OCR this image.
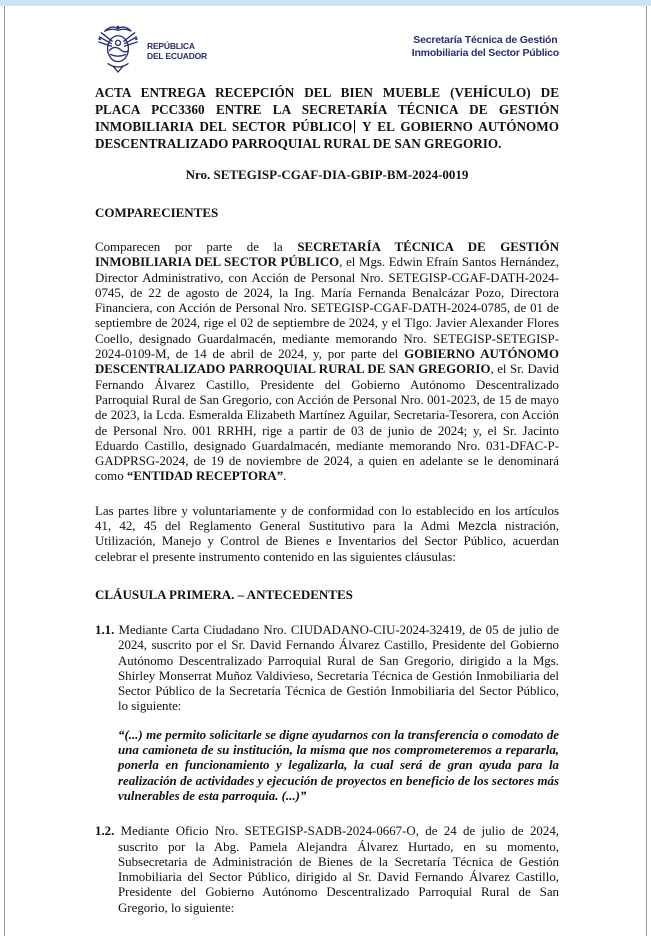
REPÚBLICA
DEL ECUADOR
Secretaría Técnica de Gestión
Inmobiliaria del Sector Público
ACTA ENTREGA RECEPCIÓN DEL BIEN MUEBLE (VEHÍCULO) DE PLACA PCC3360 ENTRE LA SECRETARÍA TÉCNICA DE GESTIÓN INMOBILIARIA DEL SECTOR PÚBLICO Y EL GOBIERNO AUTÓNOMO DESCENTRALIZADO PARROQUIAL RURAL DE SAN GREGORIO.

Nro. SETEGISP-CGAF-DIA-GBIP-BM-2024-0019

COMPARECIENTES

Comparecen por parte de la SECRETARÍA TÉCNICA DE GESTIÓN INMOBILIARIA DEL SECTOR PÚBLICO, el Mgs. Edwin Efraín Santos Hernández, Director Administrativo, con Acción de Personal Nro. SETEGISP-CGAF-DATH-2024-0745, de 22 de agosto de 2024, la Ing. María Fernanda Benalcázar Pozo, Directora Financiera, con Acción de Personal Nro. SETEGISP-CGAF-DATH-2024-0785, de 01 de septiembre de 2024, rige el 02 de septiembre de 2024, y el Tlgo. Javier Alexander Flores Coello, designado Guardalmacén, mediante memorando Nro. SETEGISP-SETEGISP-2024-0109-M, de 14 de abril de 2024, y, por parte del GOBIERNO AUTÓNOMO DESCENTRALIZADO PARROQUIAL RURAL DE SAN GREGORIO, el Sr. David Fernando Álvarez Castillo, Presidente del Gobierno Autónomo Descentralizado Parroquial Rural de San Gregorio, con Acción de Personal Nro. 001-2023, de 15 de mayo de 2023, la Lcda. Esmeralda Elizabeth Martínez Aguilar, Secretaria-Tesorera, con Acción de Personal Nro. 001 RRHH, rige a partir de 03 de junio de 2024; y, el Sr. Jacinto Eduardo Castillo, designado Guardalmacén, mediante memorando Nro. 031-DFAC-P-GADPRSG-2024, de 19 de noviembre de 2024, a quien en adelante se le denominará como “ENTIDAD RECEPTORA”.

Las partes libre y voluntariamente y de conformidad con lo establecido en los artículos 41, 42, 45 del Reglamento General Sustitutivo para la Admi Mezcla nistración, Utilización, Manejo y Control de Bienes e Inventarios del Sector Público, acuerdan celebrar el presente instrumento contenido en las siguientes cláusulas:

CLÁUSULA PRIMERA. – ANTECEDENTES

1.1. Mediante Carta Ciudadano Nro. CIUDADANO-CIU-2024-32419, de 05 de julio de 2024, suscrito por el Sr. David Fernando Álvarez Castillo, Presidente del Gobierno Autónomo Descentralizado Parroquial Rural de San Gregorio, dirigido a la Mgs. Shirley Monserrat Muñoz Valdivieso, Secretaria Técnica de Gestión Inmobiliaria del Sector Público de la Secretaría Técnica de Gestión Inmobiliaria del Sector Público, lo siguiente:

“(...) me permito solicitarle se digne ayudarnos con la transferencia o comodato de una camioneta de su institución, la misma que nos comprometeremos a repararla, ponerla en funcionamiento y legalizarla, la cual será de gran ayuda para la realización de actividades y ejecución de proyectos en beneficio de los sectores más vulnerables de esta parroquia. (...)”

1.2. Mediante Oficio Nro. SETEGISP-SADB-2024-0667-O, de 24 de julio de 2024, suscrito por la Abg. Pamela Alejandra Álvarez Hurtado, en su momento, Subsecretaria de Administración de Bienes de la Secretaría Técnica de Gestión Inmobiliaria del Sector Público, dirigido al Sr. David Fernando Álvarez Castillo, Presidente del Gobierno Autónomo Descentralizado Parroquial Rural de San Gregorio, lo siguiente:
